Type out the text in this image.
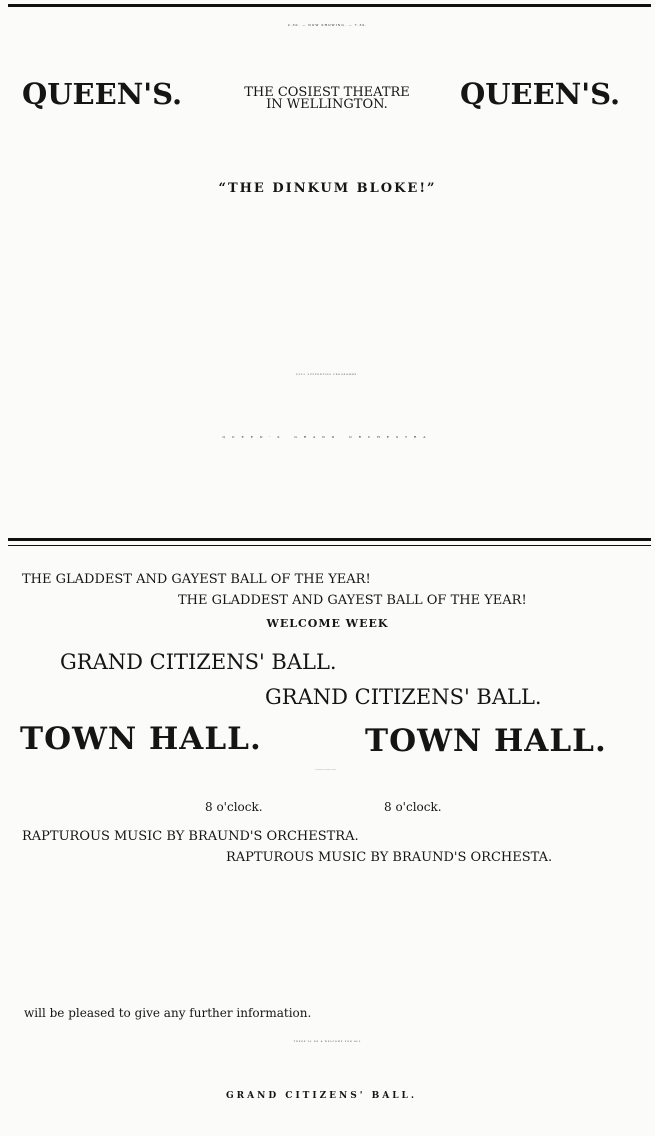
2.30. — NOW SHOWING. — 7.30.
QUEEN'S.	THE COSIEST THEATRE
IN WELLINGTON.	QUEEN'S.
“THE DINKUM BLOKE!”
FULL SUPPORTING PROGRAMME.
QUEEN'S GRAND ORCHESTRA
THE GLADDEST AND GAYEST BALL OF THE YEAR!
THE GLADDEST AND GAYEST BALL OF THE YEAR!
WELCOME WEEK
GRAND CITIZENS' BALL.
GRAND CITIZENS' BALL.
TOWN HALL.	TOWN HALL.
TO-MORROW NIGHT (Tuesday, 10th July).
8 o'clock.	8 o'clock.
RAPTUROUS MUSIC BY BRAUND'S ORCHESTRA.
RAPTUROUS MUSIC BY BRAUND'S ORCHESTA.
will be pleased to give any further information.
THERE'LL BE A WELCOME FOR ALL
GRAND CITIZENS' BALL.
